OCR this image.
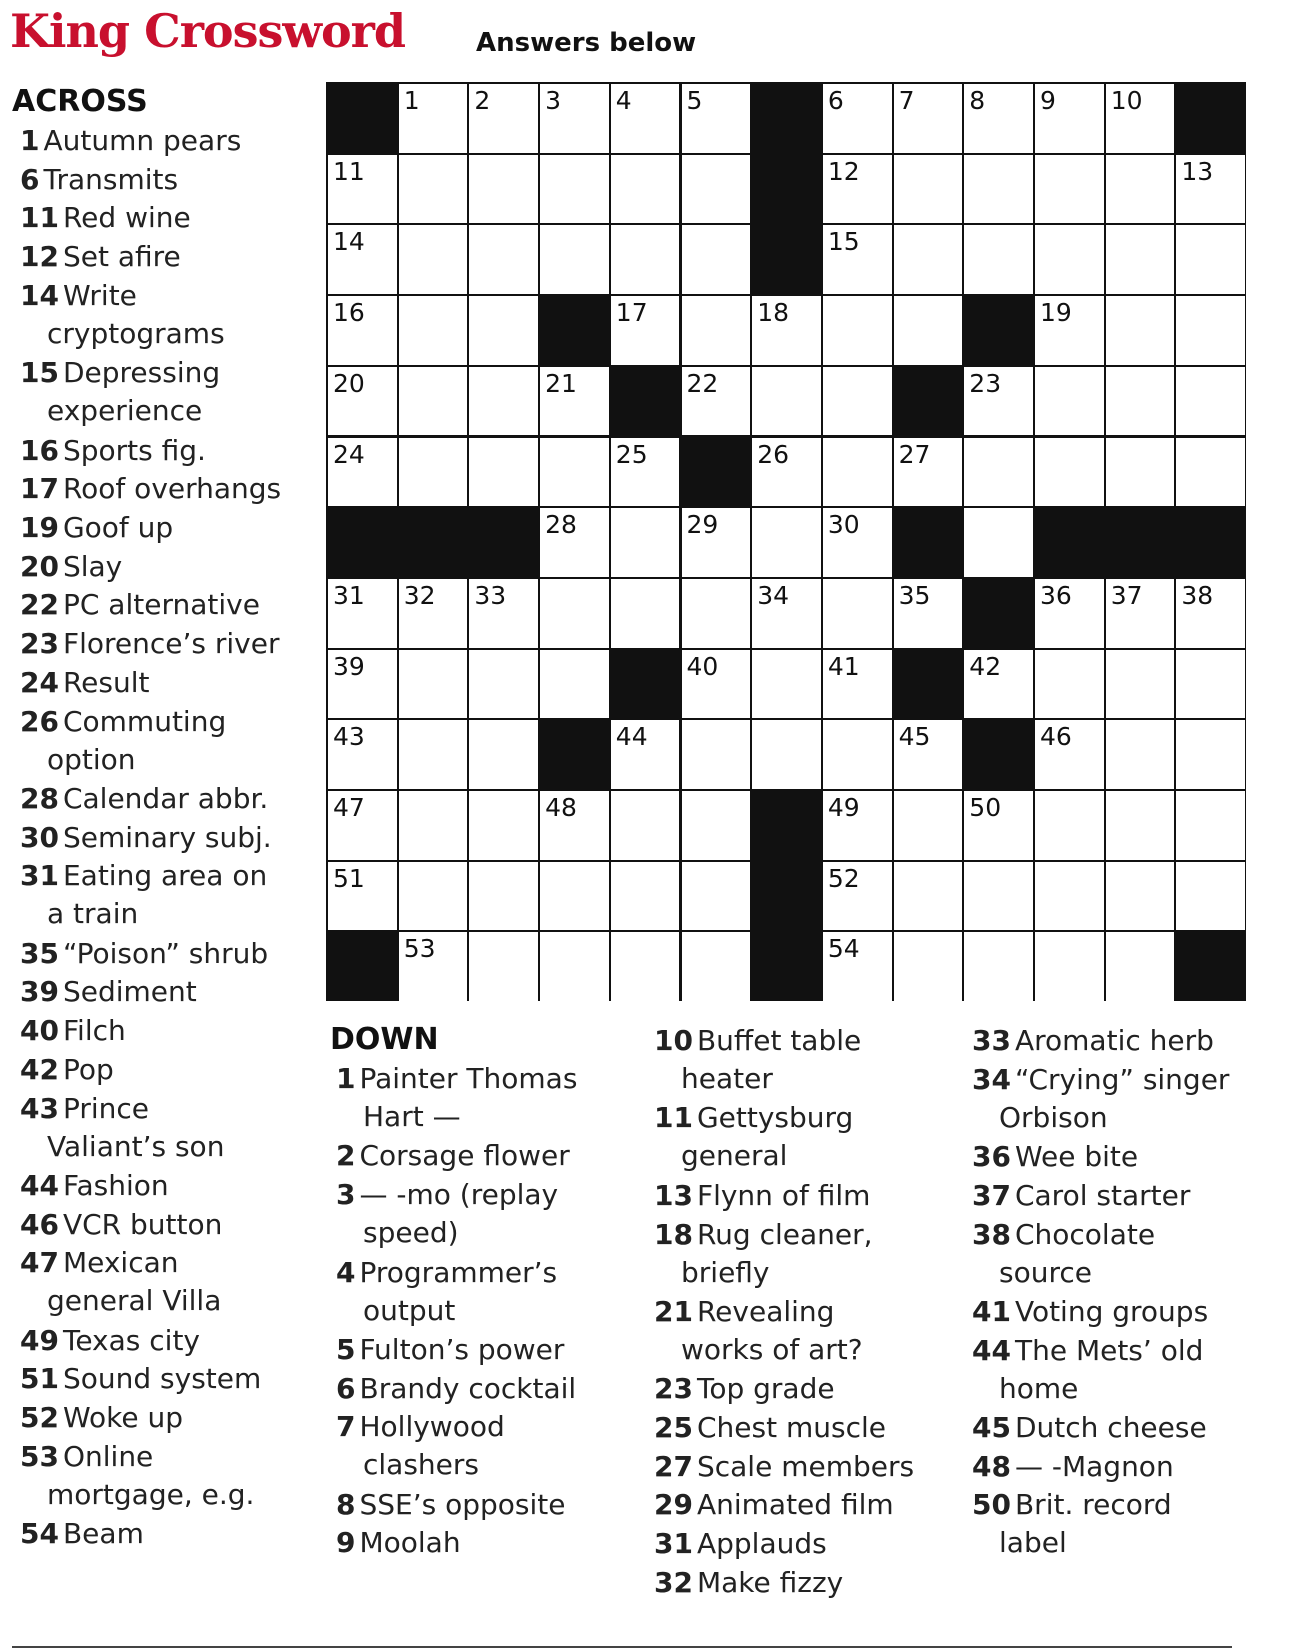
King Crossword	Answers below
ACROSS
1 Autumn pears
6 Transmits
11 Red wine
12 Set afire
14 Write
cryptograms
15 Depressing
experience
16 Sports fig.
17 Roof overhangs
19 Goof up
20 Slay
22 PC alternative
23 Florence’s river
24 Result
26 Commuting
option
28 Calendar abbr.
30 Seminary subj.
31 Eating area on
a train
35 “Poison” shrub
39 Sediment
40 Filch
42 Pop
43 Prince
Valiant’s son
44 Fashion
46 VCR button
47 Mexican
general Villa
49 Texas city
51 Sound system
52 Woke up
53 Online
mortgage, e.g.
54 Beam
1 2 3 4 5	6 7 8 9 10
11	12	13
14	15
16	17	18	19
20	21	22	23
24	25	26	27
28	29	30
31 32 33	34	35	36 37 38
39	40	41	42
43	44	45	46
47	48	49	50
51	52
53	54
DOWN
1 Painter Thomas
Hart —
2 Corsage flower
3 — -mo (replay
speed)
4 Programmer’s
output
5 Fulton’s power
6 Brandy cocktail
7 Hollywood
clashers
8 SSE’s opposite
9 Moolah
10 Buffet table
heater
11 Gettysburg
general
13 Flynn of film
18 Rug cleaner,
briefly
21 Revealing
works of art?
23 Top grade
25 Chest muscle
27 Scale members
29 Animated film
31 Applauds
32 Make fizzy
33 Aromatic herb
34 “Crying” singer
Orbison
36 Wee bite
37 Carol starter
38 Chocolate
source
41 Voting groups
44 The Mets’ old
home
45 Dutch cheese
48 — -Magnon
50 Brit. record
label
